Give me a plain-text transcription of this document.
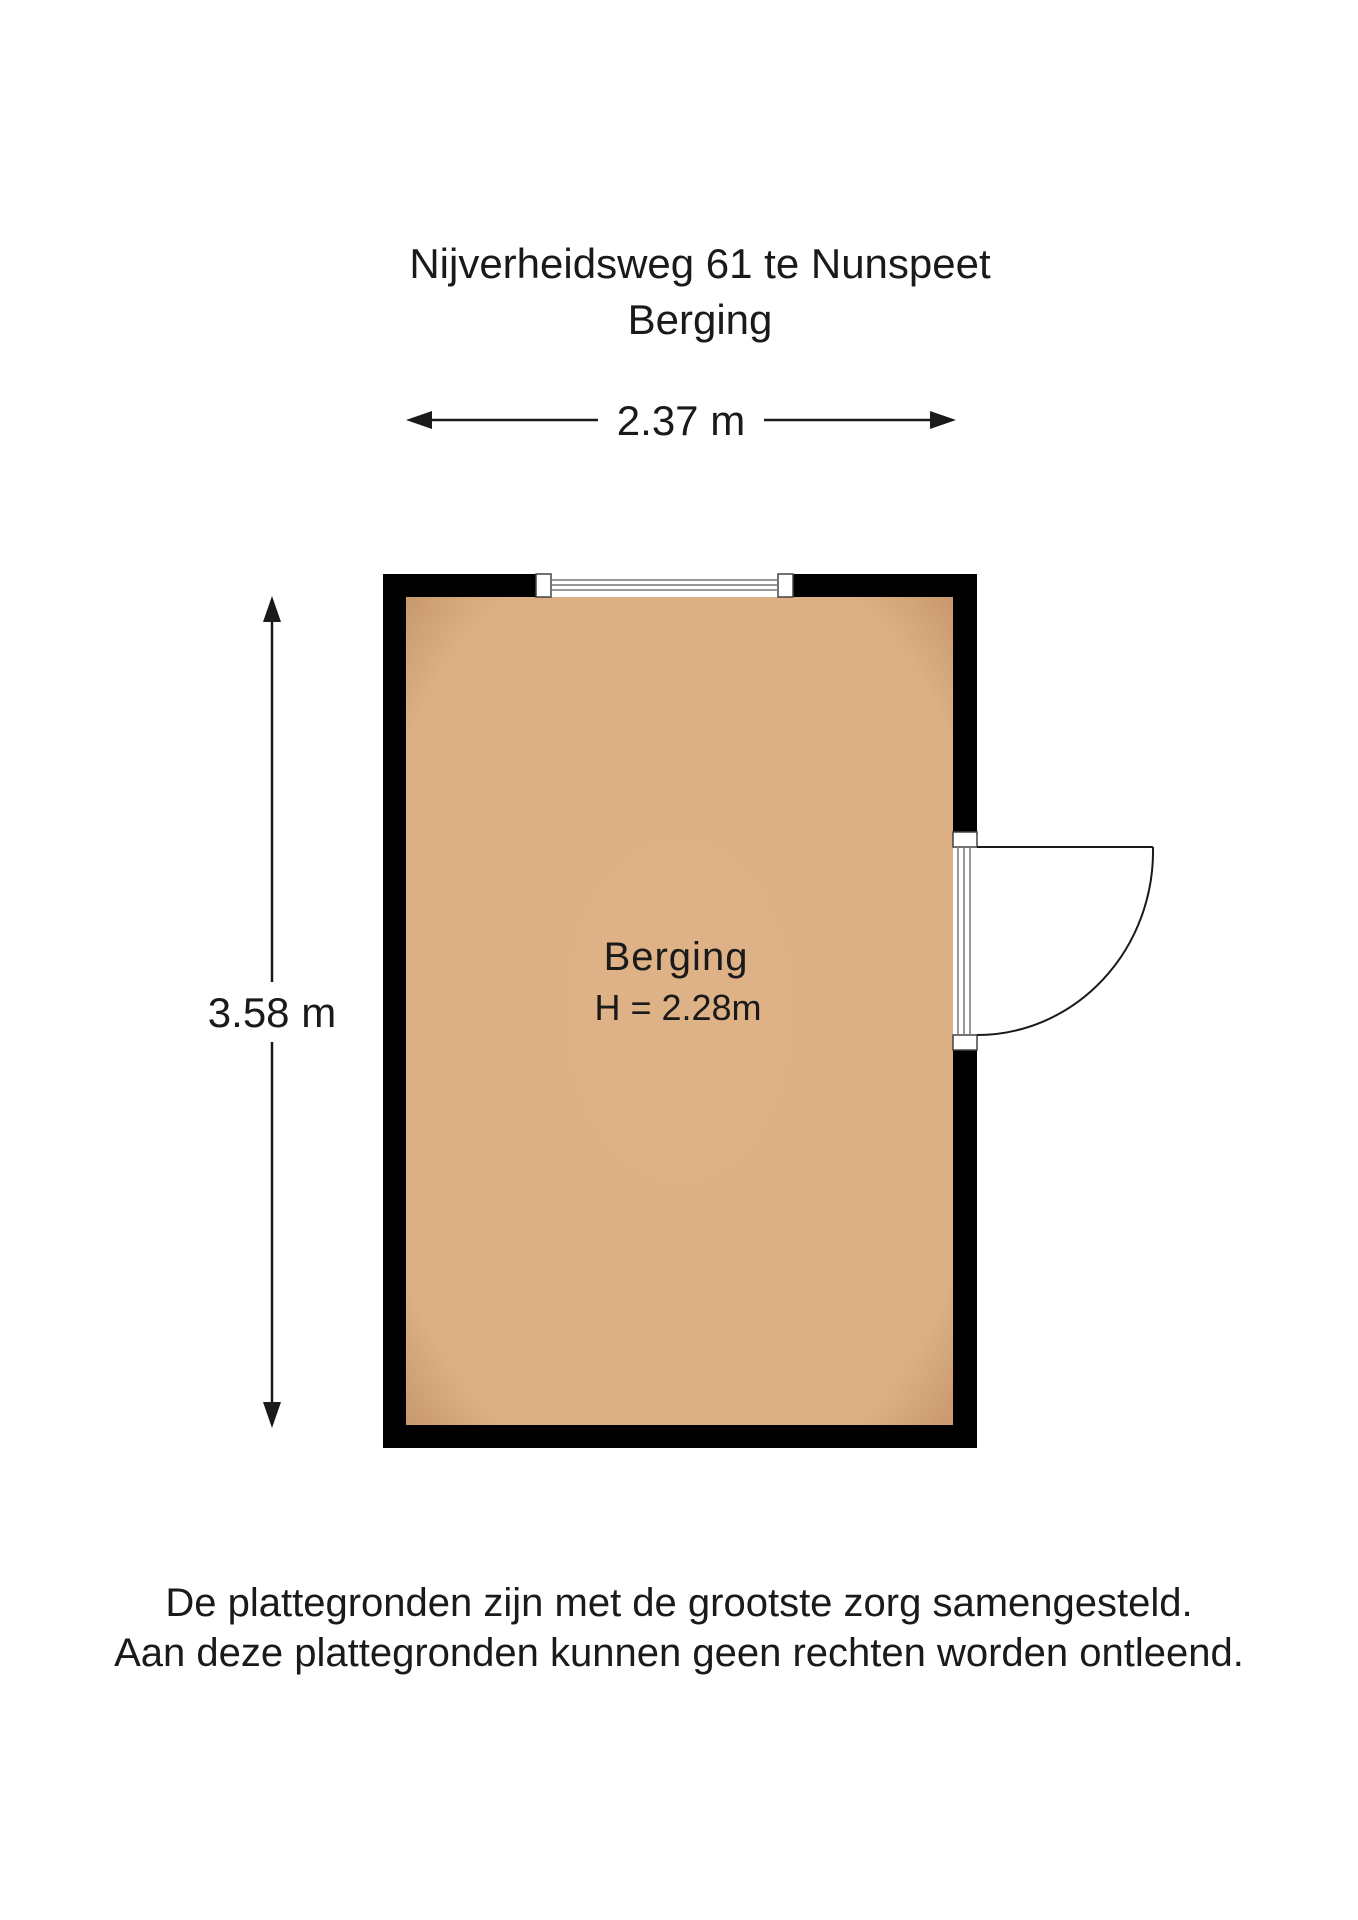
Nijverheidsweg 61 te Nunspeet
Berging
2.37 m
3.58 m
Berging
H = 2.28m
De plattegronden zijn met de grootste zorg samengesteld.
Aan deze plattegronden kunnen geen rechten worden ontleend.
